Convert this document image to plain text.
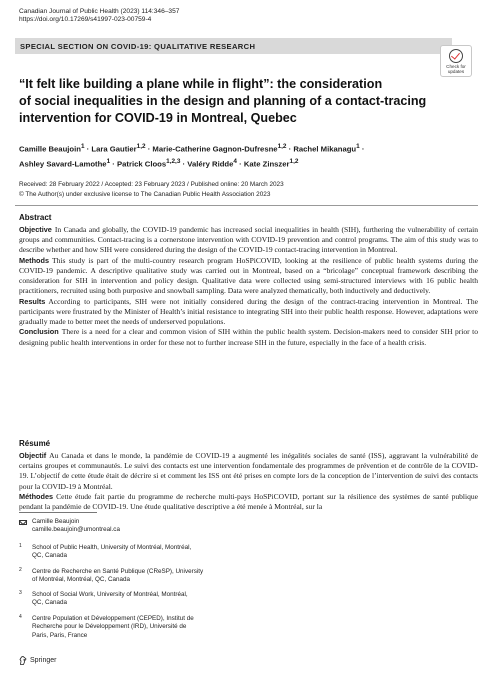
Canadian Journal of Public Health (2023) 114:346–357
https://doi.org/10.17269/s41997-023-00759-4
SPECIAL SECTION ON COVID-19: QUALITATIVE RESEARCH
Check for
updates
“It felt like building a plane while in flight”: the consideration
of social inequalities in the design and planning of a contact-tracing
intervention for COVID-19 in Montreal, Quebec
Camille Beaujoin$^1$ · Lara Gautier$^{1,2}$ · Marie-Catherine Gagnon-Dufresne$^{1,2}$ · Rachel Mikanagu$^1$ ·
Ashley Savard-Lamothe$^1$ · Patrick Cloos$^{1,2,3}$ · Valéry Ridde$^4$ · Kate Zinszer$^{1,2}$
Received: 28 February 2022 / Accepted: 23 February 2023 / Published online: 20 March 2023
© The Author(s) under exclusive license to The Canadian Public Health Association 2023
Abstract

Objective In Canada and globally, the COVID-19 pandemic has increased social inequalities in health (SIH), furthering the vulnerability of certain groups and communities. Contact-tracing is a cornerstone intervention with COVID-19 prevention and control programs. The aim of this study was to describe whether and how SIH were considered during the design of the COVID-19 contact-tracing intervention in Montreal.

Methods This study is part of the multi-country research program HoSPiCOVID, looking at the resilience of public health systems during the COVID-19 pandemic. A descriptive qualitative study was carried out in Montreal, based on a “bricolage” conceptual framework describing the consideration for SIH in intervention and policy design. Qualitative data were collected using semi-structured interviews with 16 public health practitioners, recruited using both purposive and snowball sampling. Data were analyzed thematically, both inductively and deductively.

Results According to participants, SIH were not initially considered during the design of the contract-tracing intervention in Montreal. The participants were frustrated by the Minister of Health’s initial resistance to integrating SIH into their public health response. However, adaptations were gradually made to better meet the needs of underserved populations.

Conclusion There is a need for a clear and common vision of SIH within the public health system. Decision-makers need to consider SIH prior to designing public health interventions in order for these not to further increase SIH in the future, especially in the face of a health crisis.

Résumé

Objectif Au Canada et dans le monde, la pandémie de COVID-19 a augmenté les inégalités sociales de santé (ISS), aggravant la vulnérabilité de certains groupes et communautés. Le suivi des contacts est une intervention fondamentale des programmes de prévention et de contrôle de la COVID-19. L’objectif de cette étude était de décrire si et comment les ISS ont été prises en compte lors de la conception de l’intervention de suivi des contacts pour la COVID-19 à Montréal.

Méthodes Cette étude fait partie du programme de recherche multi-pays HoSPiCOVID, portant sur la résilience des systèmes de santé publique pendant la pandémie de COVID-19. Une étude qualitative descriptive a été menée à Montréal, sur la

Camille Beaujoin
camille.beaujoin@umontreal.ca
1 School of Public Health, University of Montréal, Montréal,
QC, Canada
2 Centre de Recherche en Santé Publique (CReSP), University
of Montréal, Montréal, QC, Canada
3 School of Social Work, University of Montréal, Montréal,
QC, Canada
4 Centre Population et Développement (CEPED), Institut de
Recherche pour le Développement (IRD), Université de
Paris, Paris, France
Springer
